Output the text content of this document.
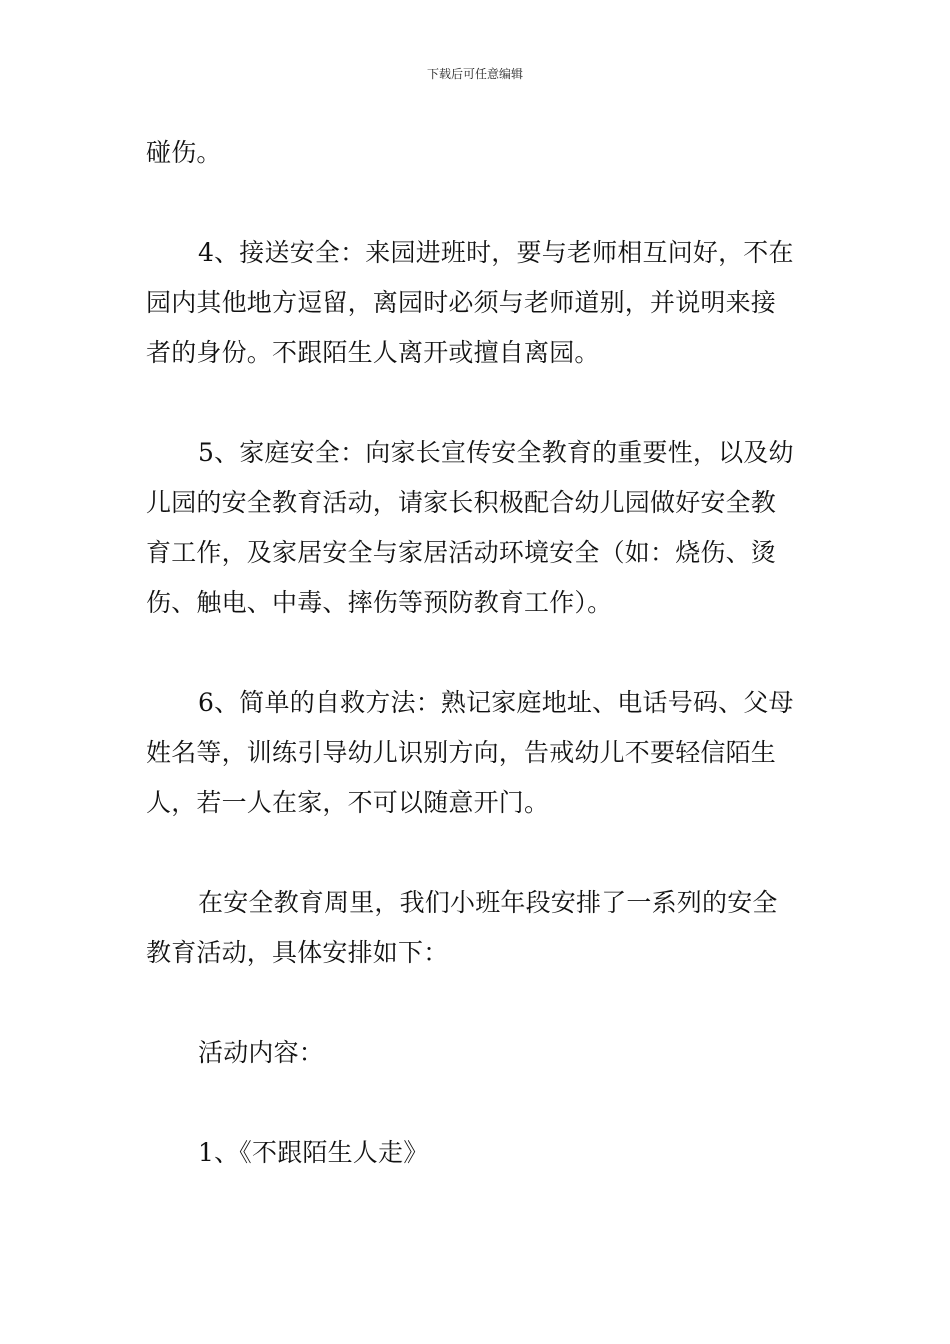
下载后可任意编辑
碰伤。
4、接送安全：来园进班时，要与老师相互问好，不在
园内其他地方逗留，离园时必须与老师道别，并说明来接
者的身份。不跟陌生人离开或擅自离园。
5、家庭安全：向家长宣传安全教育的重要性，以及幼
儿园的安全教育活动，请家长积极配合幼儿园做好安全教
育工作，及家居安全与家居活动环境安全（如：烧伤、烫
伤、触电、中毒、摔伤等预防教育工作）。
6、简单的自救方法：熟记家庭地址、电话号码、父母
姓名等，训练引导幼儿识别方向，告戒幼儿不要轻信陌生
人，若一人在家，不可以随意开门。
在安全教育周里，我们小班年段安排了一系列的安全
教育活动，具体安排如下：
活动内容：
1、《不跟陌生人走》
